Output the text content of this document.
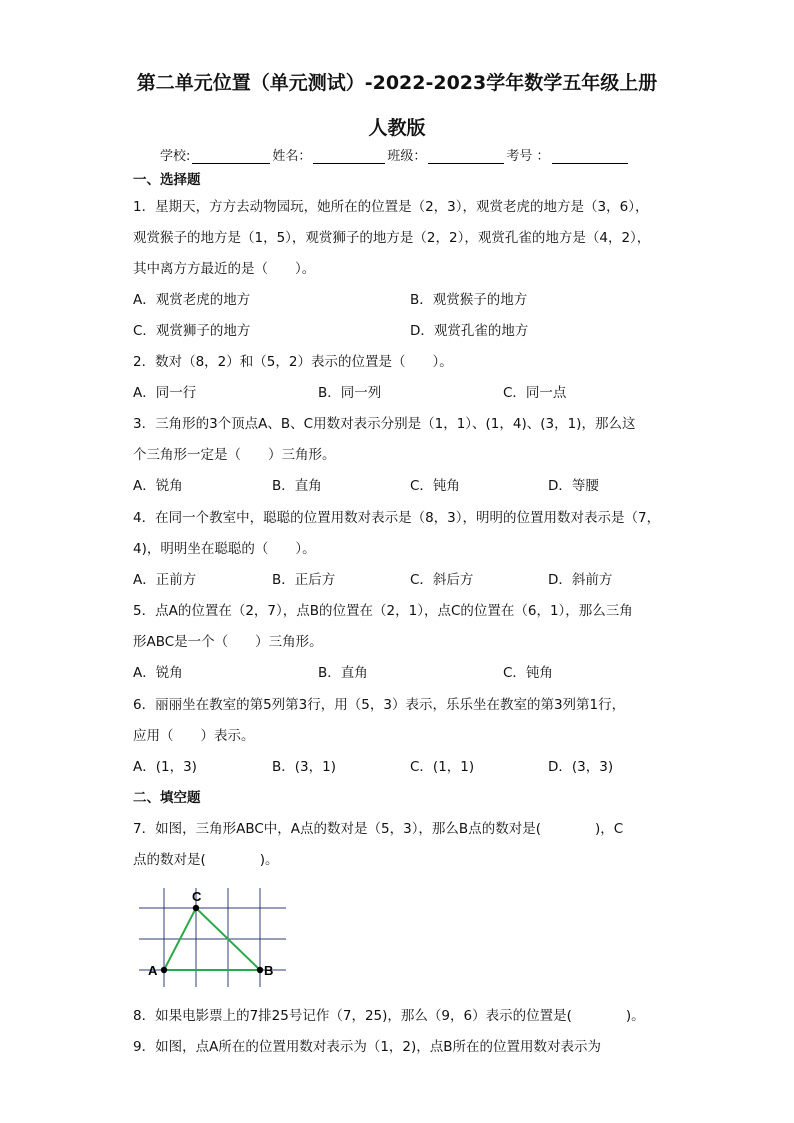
第二单元位置（单元测试）-2022-2023学年数学五年级上册
人教版
学校:	姓名：	班级：	考号 ：
一、选择题
1．星期天，方方去动物园玩，她所在的位置是（2，3），观赏老虎的地方是（3，6），
观赏猴子的地方是（1，5），观赏狮子的地方是（2，2），观赏孔雀的地方是（4，2），
其中离方方最近的是（　　）。
A．观赏老虎的地方	B．观赏猴子的地方
C．观赏狮子的地方	D．观赏孔雀的地方
2．数对（8，2）和（5，2）表示的位置是（　　）。
A．同一行	B．同一列	C．同一点
3．三角形的3个顶点A、B、C用数对表示分别是（1，1）、(1，4)、(3，1)，那么这
个三角形一定是（　　）三角形。
A．锐角	B．直角	C．钝角	D．等腰
4．在同一个教室中，聪聪的位置用数对表示是（8，3），明明的位置用数对表示是（7，
4)，明明坐在聪聪的（　　）。
A．正前方	B．正后方	C．斜后方	D．斜前方
5．点A的位置在（2，7），点B的位置在（2，1），点C的位置在（6，1），那么三角
形ABC是一个（　　）三角形。
A．锐角	B．直角	C．钝角
6．丽丽坐在教室的第5列第3行，用（5，3）表示，乐乐坐在教室的第3列第1行，
应用（　　）表示。
A．(1，3)	B．(3，1)	C．(1，1)	D．(3，3)
二、填空题
7．如图，三角形ABC中，A点的数对是（5，3），那么B点的数对是(　　　　)，C
点的数对是(　　　　)。
A	B
C
8．如果电影票上的7排25号记作（7，25)，那么（9，6）表示的位置是(　　　　)。
9．如图，点A所在的位置用数对表示为（1，2)，点B所在的位置用数对表示为
